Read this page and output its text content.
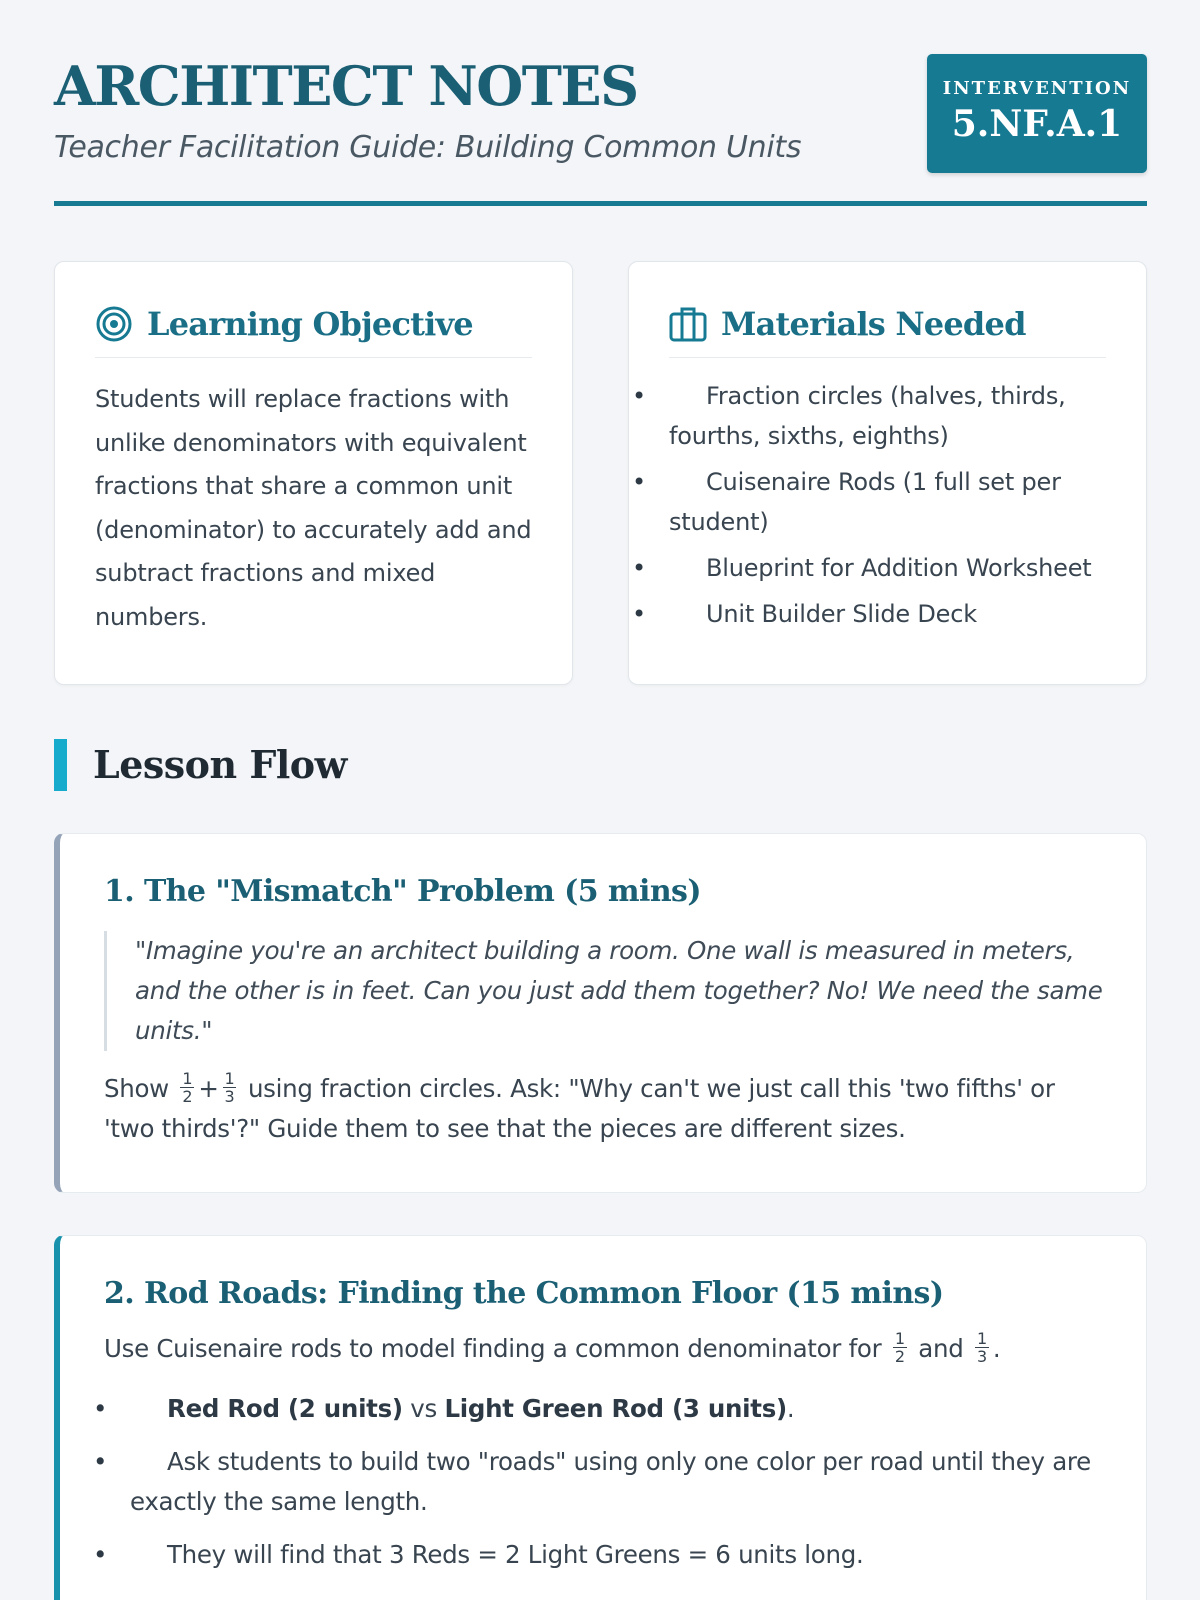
ARCHITECT NOTES
Teacher Facilitation Guide: Building Common Units
INTERVENTION
5.NF.A.1
Learning Objective

Students will replace fractions with unlike denominators with equivalent fractions that share a common unit (denominator) to accurately add and subtract fractions and mixed numbers.

Materials Needed
• Fraction circles (halves, thirds, fourths, sixths, eighths)
• Cuisenaire Rods (1 full set per student)
• Blueprint for Addition Worksheet
• Unit Builder Slide Deck
Lesson Flow
1. The "Mismatch" Problem (5 mins)
"Imagine you're an architect building a room. One wall is measured in meters, and the other is in feet. Can you just add them together? No! We need the same units."

Show $\frac{1}{2} + \frac{1}{3}$ using fraction circles. Ask: "Why can't we just call this 'two fifths' or 'two thirds'?" Guide them to see that the pieces are different sizes.

2. Rod Roads: Finding the Common Floor (15 mins)

Use Cuisenaire rods to model finding a common denominator for $\frac{1}{2}$ and $\frac{1}{3}$ .

• Red Rod (2 units) vs Light Green Rod (3 units).
• Ask students to build two "roads" using only one color per road until they are exactly the same length.
• They will find that 3 Reds = 2 Light Greens = 6 units long.
